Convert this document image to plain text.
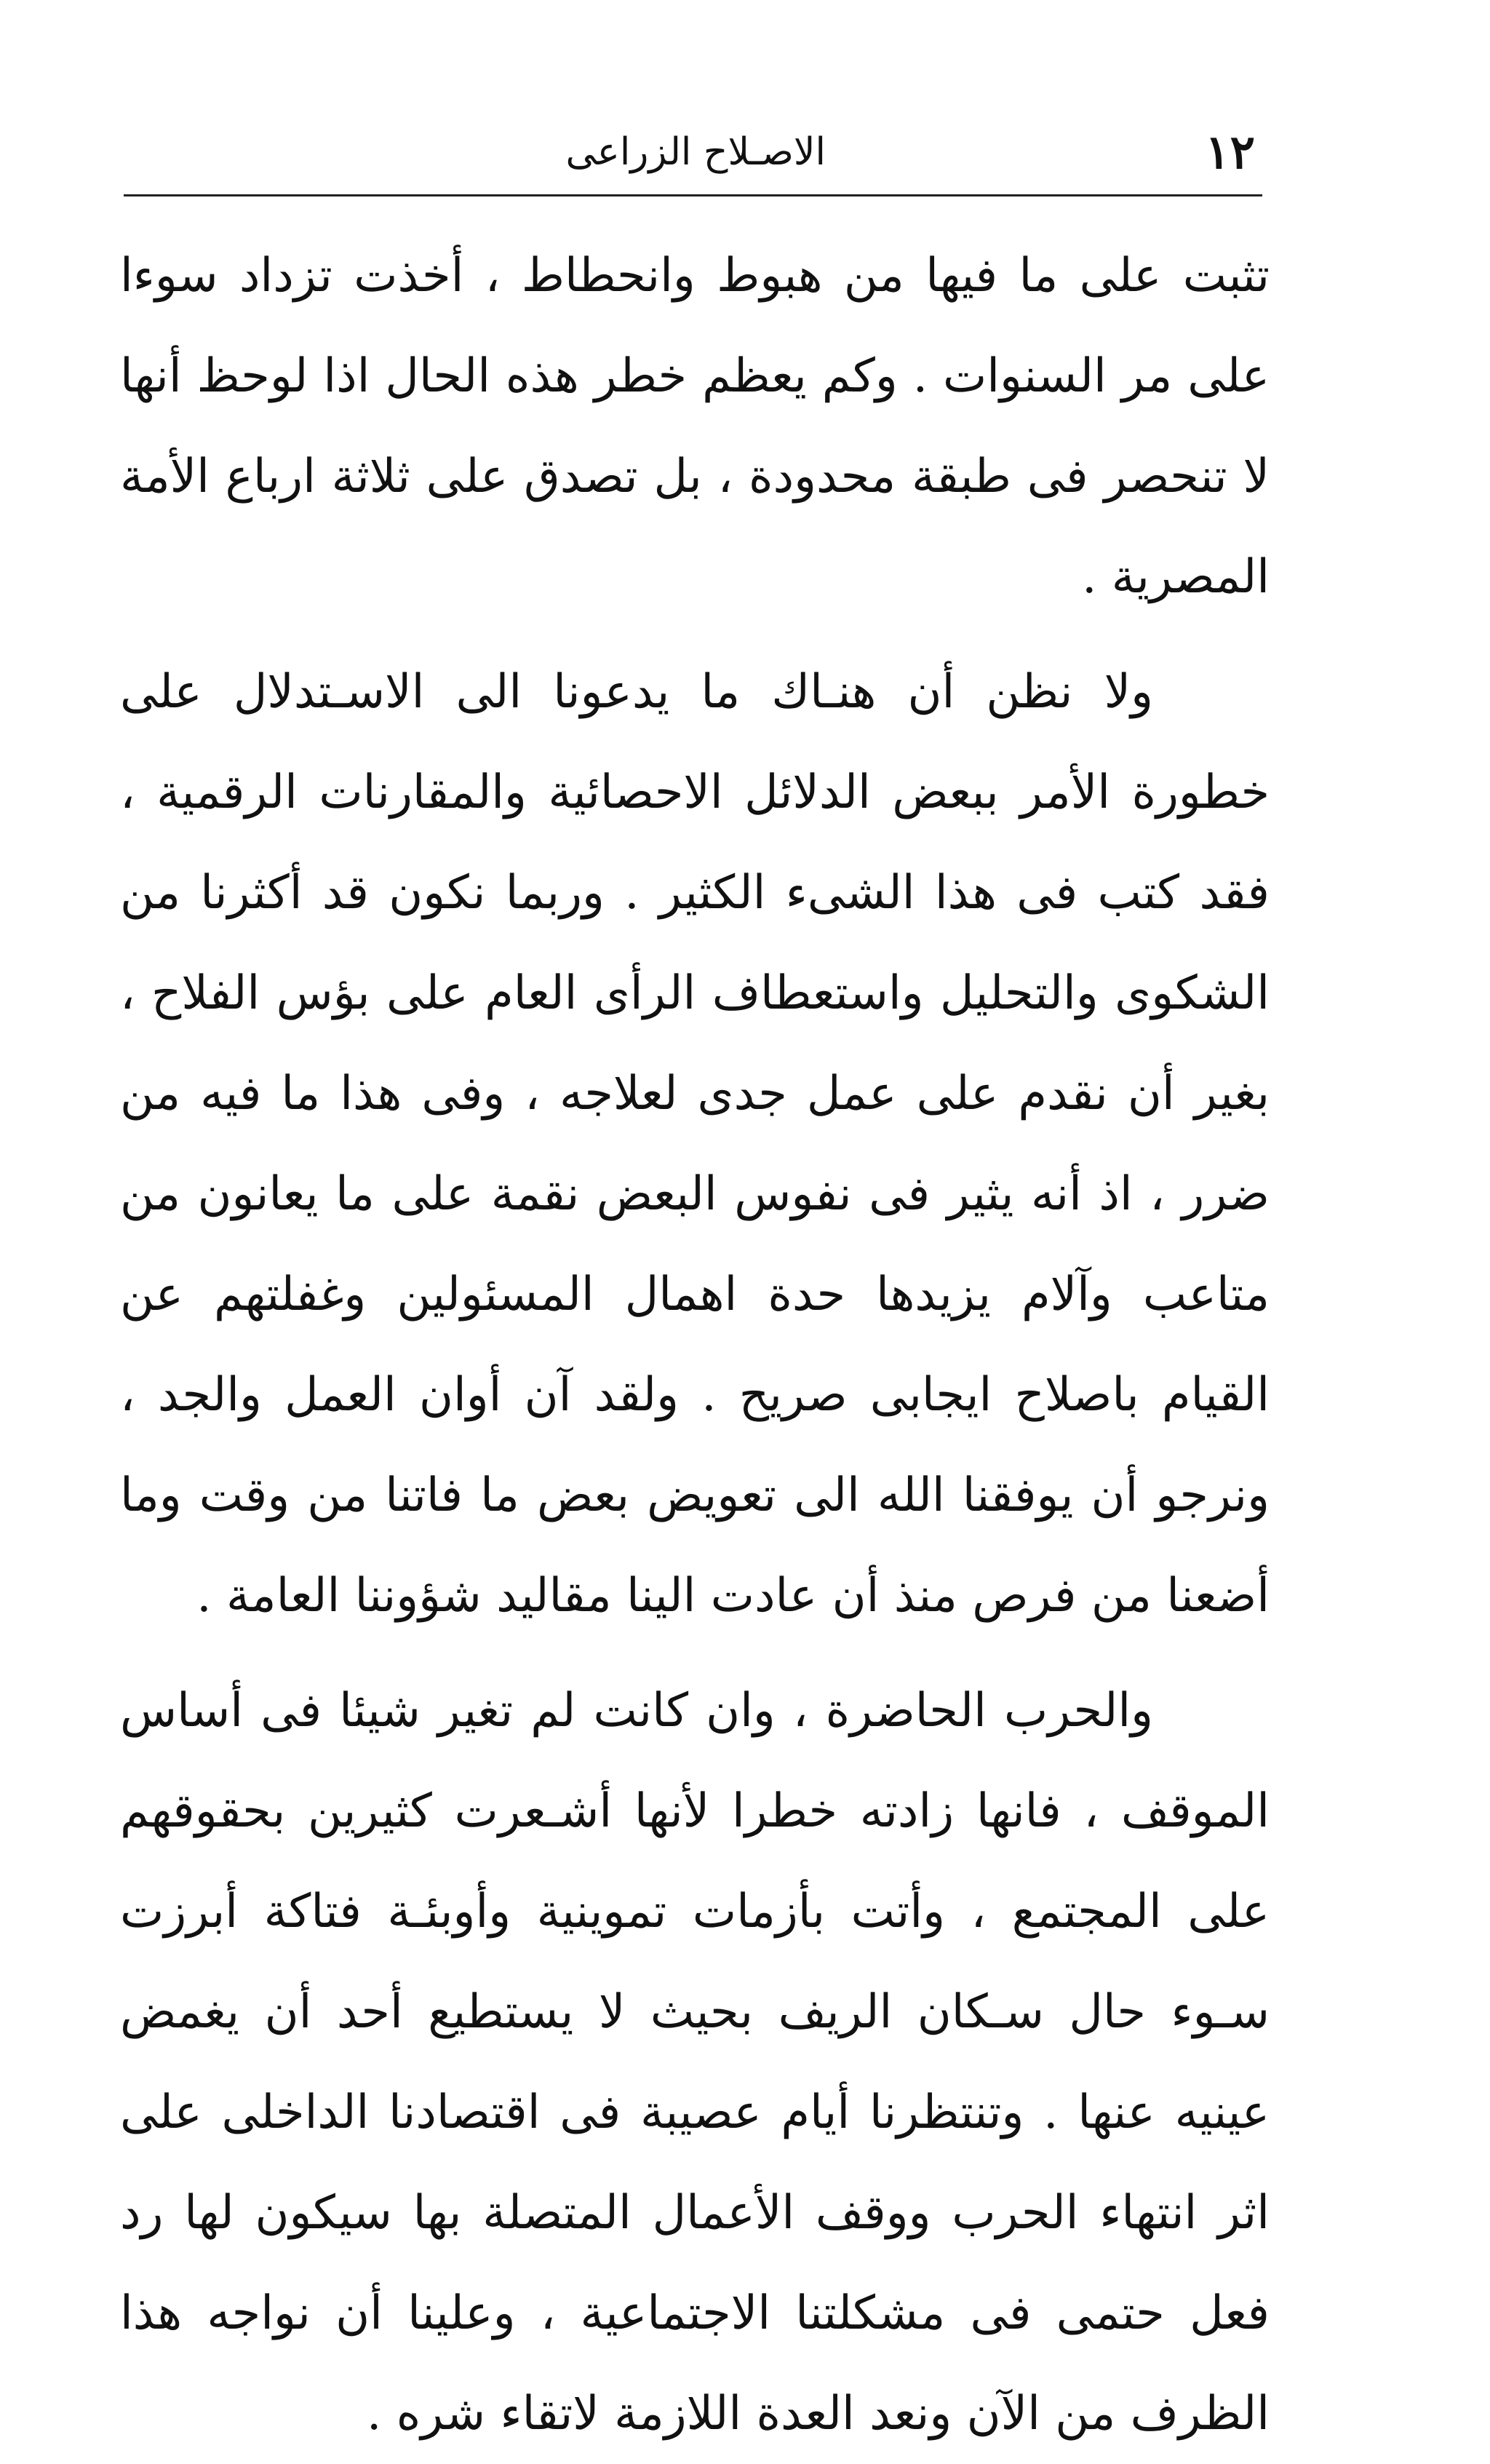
١٢
الاصـلاح الزراعى

تثبت على ما فيها من هبوط وانحطاط ، أخذت تزداد سوءا على مر السنوات . وكم يعظم خطر هذه الحال اذا لوحظ أنها لا تنحصر فى طبقة محدودة ، بل تصدق على ثلاثة ارباع الأمة المصرية .

ولا نظن أن هنـاك ما يدعونا الى الاسـتدلال على خطورة الأمر ببعض الدلائل الاحصائية والمقارنات الرقمية ، فقد كتب فى هذا الشىء الكثير . وربما نكون قد أكثرنا من الشكوى والتحليل واستعطاف الرأى العام على بؤس الفلاح ، بغير أن نقدم على عمل جدى لعلاجه ، وفى هذا ما فيه من ضرر ، اذ أنه يثير فى نفوس البعض نقمة على ما يعانون من متاعب وآلام يزيدها حدة اهمال المسئولين وغفلتهم عن القيام باصلاح ايجابى صريح . ولقد آن أوان العمل والجد ، ونرجو أن يوفقنا الله الى تعويض بعض ما فاتنا من وقت وما أضعنا من فرص منذ أن عادت الينا مقاليد شؤوننا العامة .

والحرب الحاضرة ، وان كانت لم تغير شيئا فى أساس الموقف ، فانها زادته خطرا لأنها أشـعرت كثيرين بحقوقهم على المجتمع ، وأتت بأزمات تموينية وأوبئـة فتاكة أبرزت سـوء حال سـكان الريف بحيث لا يستطيع أحد أن يغمض عينيه عنها . وتنتظرنا أيام عصيبة فى اقتصادنا الداخلى على اثر انتهاء الحرب ووقف الأعمال المتصلة بها سيكون لها رد فعل حتمى فى مشكلتنا الاجتماعية ، وعلينا أن نواجه هذا الظرف من الآن ونعد العدة اللازمة لاتقاء شره .
